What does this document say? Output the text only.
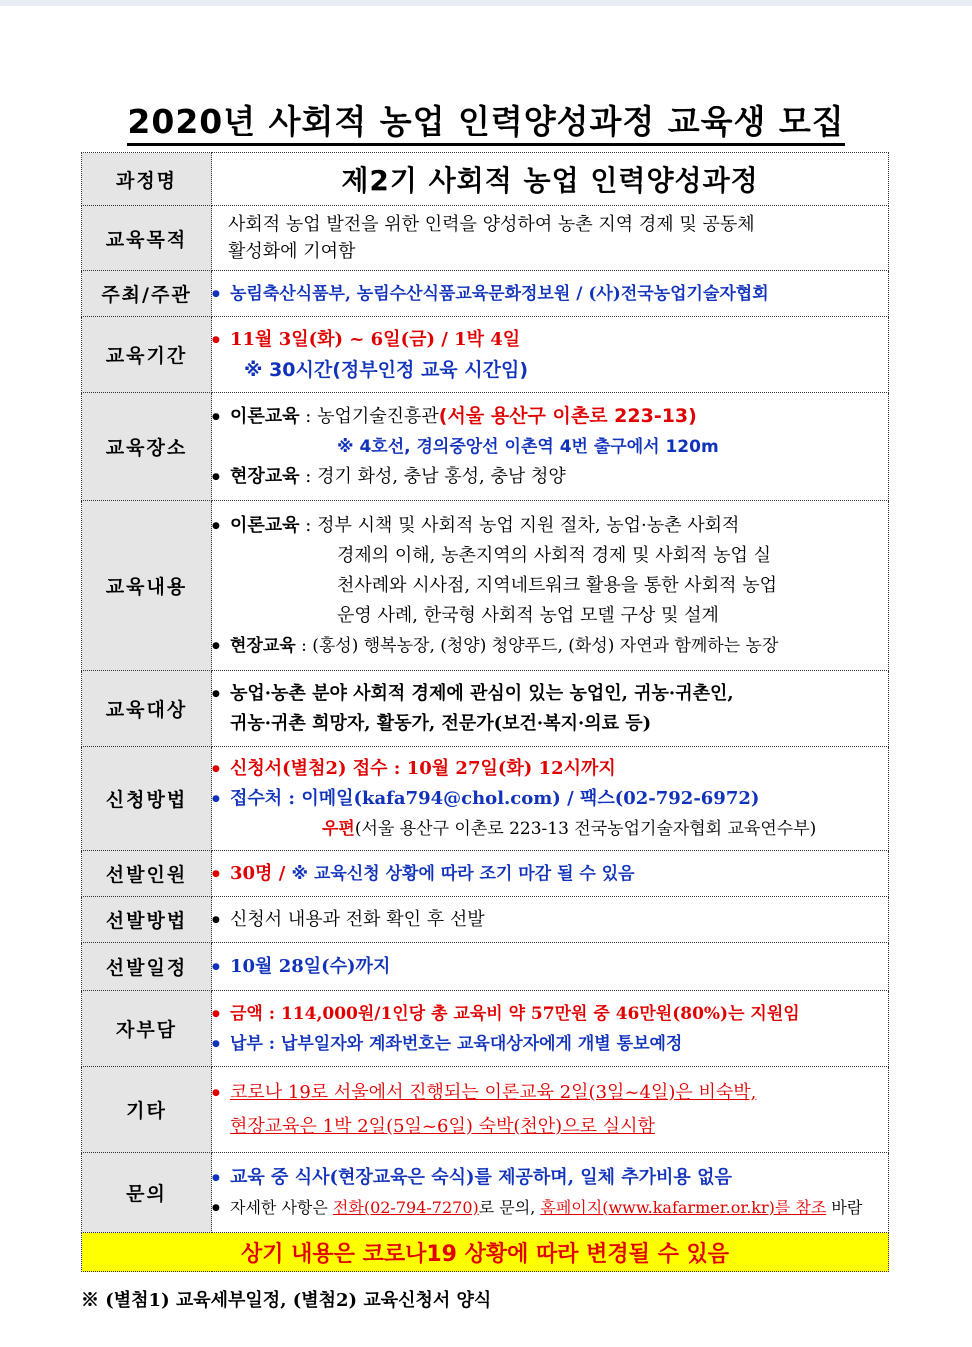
2020년 사회적 농업 인력양성과정 교육생 모집
과정명	제2기 사회적 농업 인력양성과정
교육목적	사회적 농업 발전을 위한 인력을 양성하여 농촌 지역 경제 및 공동체
활성화에 기여함

주최/주관	
●농림축산식품부, 농림수산식품교육문화정보원 / (사)전국농업기술자협회

교육기간	
●11월 3일(화) ~ 6일(금) / 1박 4일
※ 30시간(정부인정 교육 시간임)

교육장소	
●이론교육 : 농업기술진흥관(서울 용산구 이촌로 223-13)
※ 4호선, 경의중앙선 이촌역 4번 출구에서 120m
●현장교육 : 경기 화성, 충남 홍성, 충남 청양

교육내용	
●이론교육 : 정부 시책 및 사회적 농업 지원 절차, 농업·농촌 사회적
경제의 이해, 농촌지역의 사회적 경제 및 사회적 농업 실
천사례와 시사점, 지역네트워크 활용을 통한 사회적 농업
운영 사례, 한국형 사회적 농업 모델 구상 및 설계
●현장교육 : (홍성) 행복농장, (청양) 청양푸드, (화성) 자연과 함께하는 농장

교육대상	
●농업·농촌 분야 사회적 경제에 관심이 있는 농업인, 귀농·귀촌인,
귀농·귀촌 희망자, 활동가, 전문가(보건·복지·의료 등)

신청방법	
●신청서(별첨2) 접수 : 10월 27일(화) 12시까지
●접수처 : 이메일(kafa794@chol.com) / 팩스(02-792-6972)
우편(서울 용산구 이촌로 223-13 전국농업기술자협회 교육연수부)

선발인원	
●30명 / ※ 교육신청 상황에 따라 조기 마감 될 수 있음

선발방법	
●신청서 내용과 전화 확인 후 선발

선발일정	
●10월 28일(수)까지

자부담	
●금액 : 114,000원/1인당 총 교육비 약 57만원 중 46만원(80%)는 지원임
●납부 : 납부일자와 계좌번호는 교육대상자에게 개별 통보예정

기타	
●코로나 19로 서울에서 진행되는 이론교육 2일(3일~4일)은 비숙박,
현장교육은 1박 2일(5일~6일) 숙박(천안)으로 실시함

문의	
●교육 중 식사(현장교육은 숙식)를 제공하며, 일체 추가비용 없음
●자세한 사항은 전화(02-794-7270)로 문의, 홈페이지(www.kafarmer.or.kr)를 참조 바람

상기 내용은 코로나19 상황에 따라 변경될 수 있음	
※ (별첨1) 교육세부일정, (별첨2) 교육신청서 양식
